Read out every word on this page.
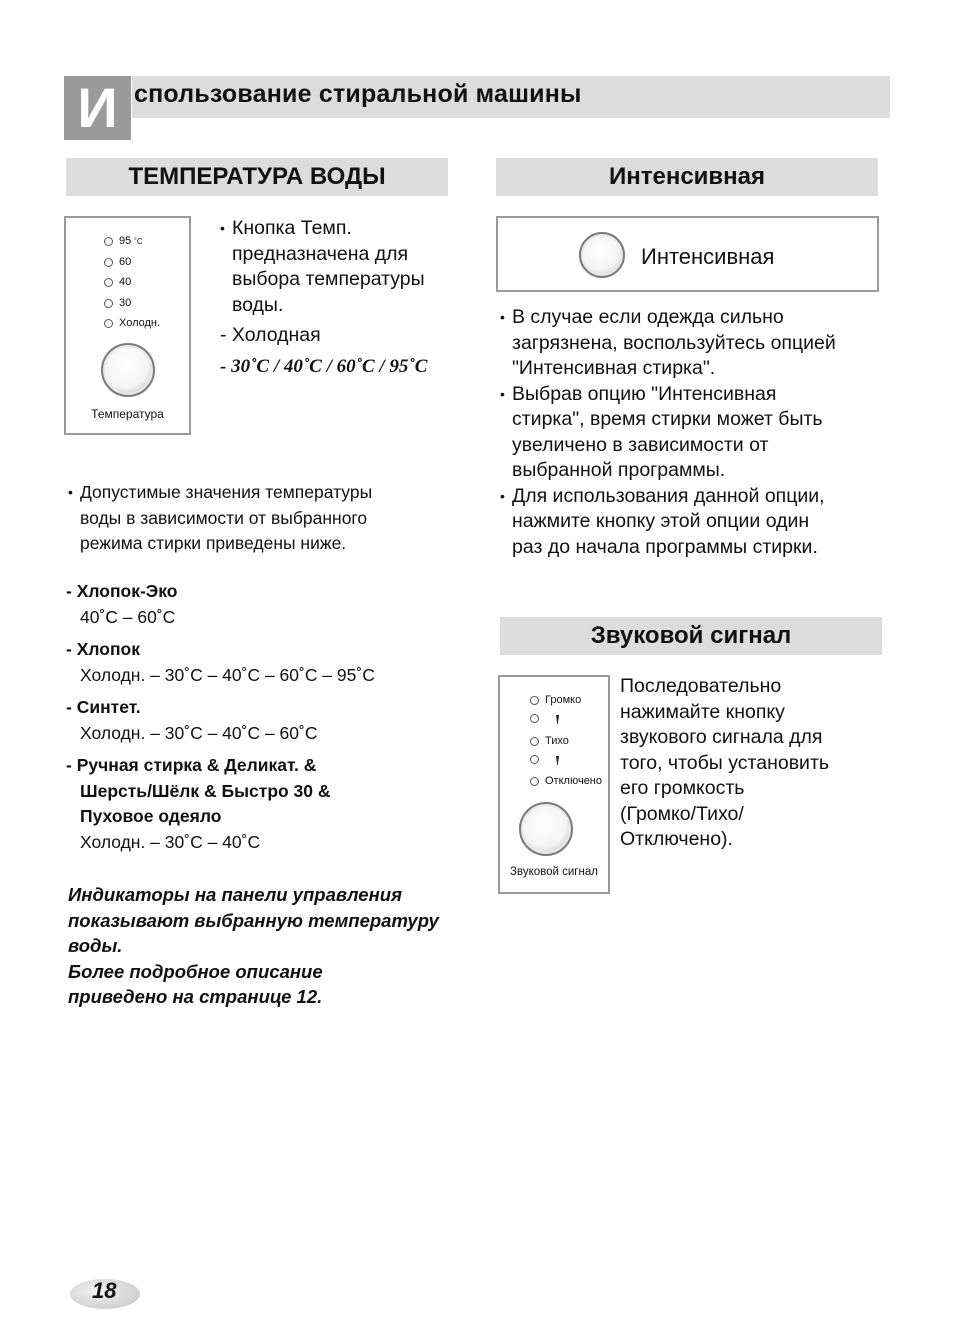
И спользование стиральной машины
ТЕМПЕРАТУРА ВОДЫ
95 ˚C
60
40
30
Холодн.
Температура
• Кнопка Темп.
предназначена для
выбора температуры
воды.
- Холодная
- 30˚C / 40˚C / 60˚C / 95˚C
• Допустимые значения температуры
воды в зависимости от выбранного
режима стирки приведены ниже.
- Хлопок-Эко
40˚C – 60˚C
- Хлопок
Холодн. – 30˚C – 40˚C – 60˚C – 95˚C
- Синтет.
Холодн. – 30˚C – 40˚C – 60˚C
- Ручная стирка & Деликат. &
Шерсть/Шёлк & Быстро 30 &
Пуховое одеяло
Холодн. – 30˚C – 40˚C
Индикаторы на панели управления
показывают выбранную температуру
воды.
Более подробное описание
приведено на странице 12.
Интенсивная
Интенсивная
• В случае если одежда сильно
загрязнена, воспользуйтесь опцией
"Интенсивная стирка".
• Выбрав опцию "Интенсивная
стирка", время стирки может быть
увеличено в зависимости от
выбранной программы.
• Для использования данной опции,
нажмите кнопку этой опции один
раз до начала программы стирки.
Звуковой сигнал
Громко
Тихо
Отключено
Звуковой сигнал
Последовательно
нажимайте кнопку
звукового сигнала для
того, чтобы установить
его громкость
(Громко/Тихо/
Отключено).
18
